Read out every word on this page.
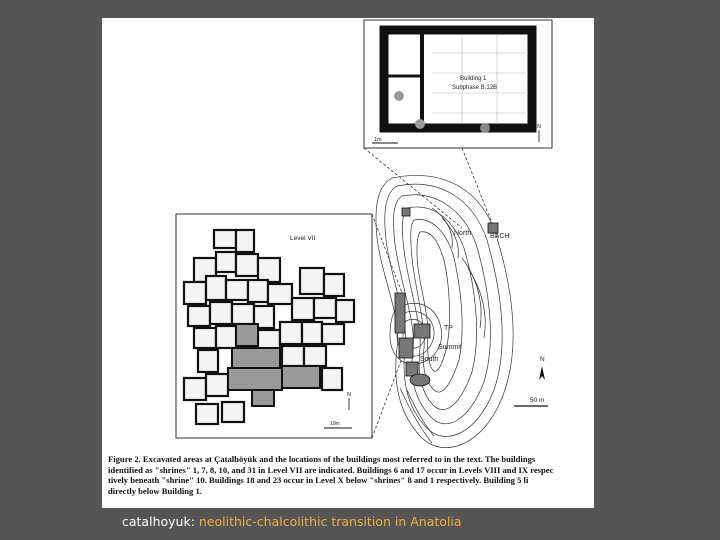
1m
Building 1
Subphase B.12B
N
Level VII
10m
N
North	BACH
TP
Summit
South	N
50 m
Figure 2. Excavated areas at Çatalhöyük and the locations of the buildings most referred to in the text. The buildings
identified as "shrines" 1, 7, 8, 10, and 31 in Level VII are indicated. Buildings 6 and 17 occur in Levels VIII and IX respec
tively beneath "shrine" 10. Buildings 18 and 23 occur in Level X below "shrines" 8 and 1 respectively. Building 5 li
directly below Building 1.
catalhoyuk: neolithic-chalcolithic transition in Anatolia
